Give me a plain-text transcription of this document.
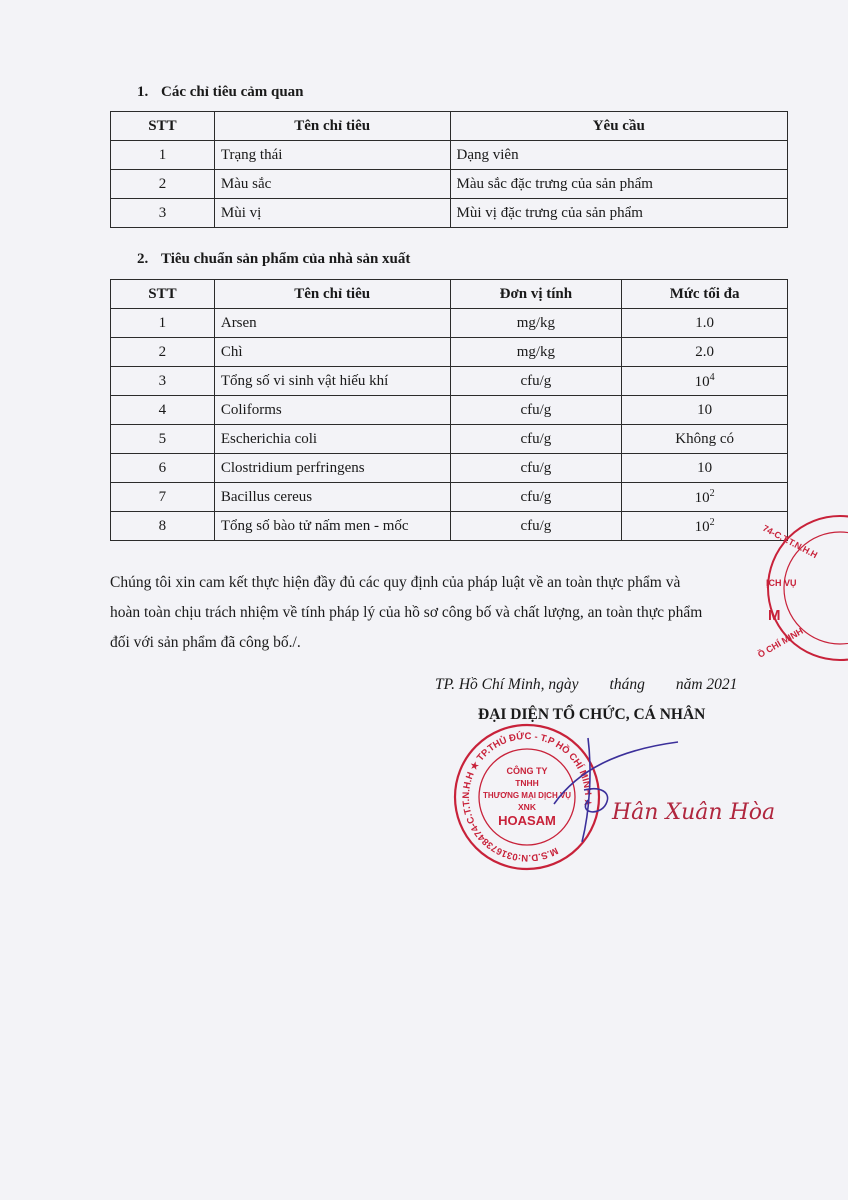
1. Các chỉ tiêu cảm quan
STT	Tên chỉ tiêu	Yêu cầu
1	Trạng thái	Dạng viên
2	Màu sắc	Màu sắc đặc trưng của sản phẩm
3	Mùi vị	Mùi vị đặc trưng của sản phẩm
2. Tiêu chuẩn sản phẩm của nhà sản xuất
STT	Tên chỉ tiêu	Đơn vị tính	Mức tối đa
1	Arsen	mg/kg	1.0
2	Chì	mg/kg	2.0
3	Tổng số vi sinh vật hiếu khí	cfu/g	$10^4$
4	Coliforms	cfu/g	10
5	Escherichia coli	cfu/g	Không có
6	Clostridium perfringens	cfu/g	10
7	Bacillus cereus	cfu/g	$10^2$
8	Tổng số bào tử nấm men - mốc	cfu/g	$10^2$
Chúng tôi xin cam kết thực hiện đầy đủ các quy định của pháp luật về an toàn thực phẩm và
hoàn toàn chịu trách nhiệm về tính pháp lý của hồ sơ công bố và chất lượng, an toàn thực phẩm
đối với sản phẩm đã công bố./.
TP. Hồ Chí Minh, ngày        tháng        năm 2021
ĐẠI DIỆN TỔ CHỨC, CÁ NHÂN
74-C.T.T.N.H.H
ỊCH VỤ
M
Ồ CHÍ MINH
M.S.D.N:0316738474-C.T.T.N.H.H ★ TP.THỦ ĐỨC - T.P HỒ CHÍ MINH ★
CÔNG TY
TNHH
THƯƠNG MẠI DỊCH VỤ
XNK
HOASAM	Hân Xuân Hòa
